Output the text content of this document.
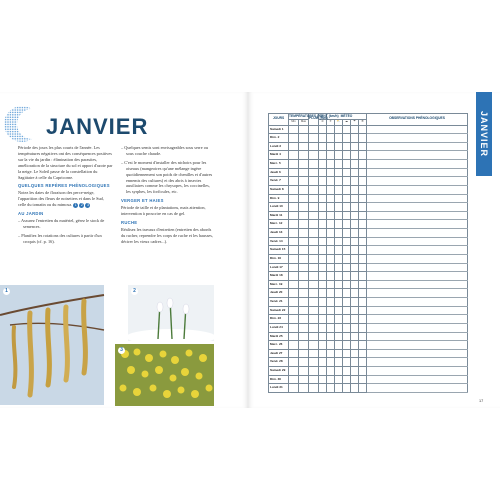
JANVIER

Période des jours les plus courts de l'année. Les températures négatives ont des conséquences positives sur la vie du jardin : élimination des parasites, amélioration de la structure du sol et apport d'azote par la neige. Le Soleil passe de la constellation du Sagittaire à celle du Capricorne.

QUELQUES REPÈRES PHÉNOLOGIQUES

Notez les dates de floraison des perce-neige, l'apparition des fleurs de noisetiers et dans le Sud, celle du tomatin ou du mimosa. 1 2 3

AU JARDIN

– Assurez l'entretien du matériel, gérez le stock de semences.

– Planifiez les rotations des cultures à partir d'un croquis (cf. p. 16).

– Quelques semis sont envisageables sous serre ou sous couche chaude.

– C'est le moment d'installer des nichoirs pour les oiseaux (mangeoires qu'une mélange ingère quotidiennement son poids de chenilles et d'autres ennemis des cultures) et des abris à insectes auxiliaires comme les chrysopes, les coccinelles, les syrphes, les forficules, etc.

VERGER ET HAIES

Période de taille et de plantations, mais attention, intervention à proscrire en cas de gel.

RUCHE

Réalisez les travaux d'entretien (entretien des abords du rucher, reprendre les corps de ruche et les hausses, décirer les vieux cadres...).

1	2
3
JOURS	TEMPÉRATURES (°C)		PLUIE (mm)	VENT (km/h)	MÉTÉO					OBSERVATIONS PHÉNOLOGIQUES
	Min	Max		≋	☀	⛅	☁	☂	❄	
Samedi 1										
Dim. 2										
Lundi 3										
Mardi 4										
Merc. 5										
Jeudi 6										
Vend. 7										
Samedi 8										
Dim. 9										
Lundi 10										
Mardi 11										
Merc. 12										
Jeudi 13										
Vend. 14										
Samedi 15										
Dim. 16										
Lundi 17										
Mardi 18										
Merc. 19										
Jeudi 20										
Vend. 21										
Samedi 22										
Dim. 23										
Lundi 24										
Mardi 25										
Merc. 26										
Jeudi 27										
Vend. 28										
Samedi 29										
Dim. 30										
Lundi 31										
JANVIER
17
